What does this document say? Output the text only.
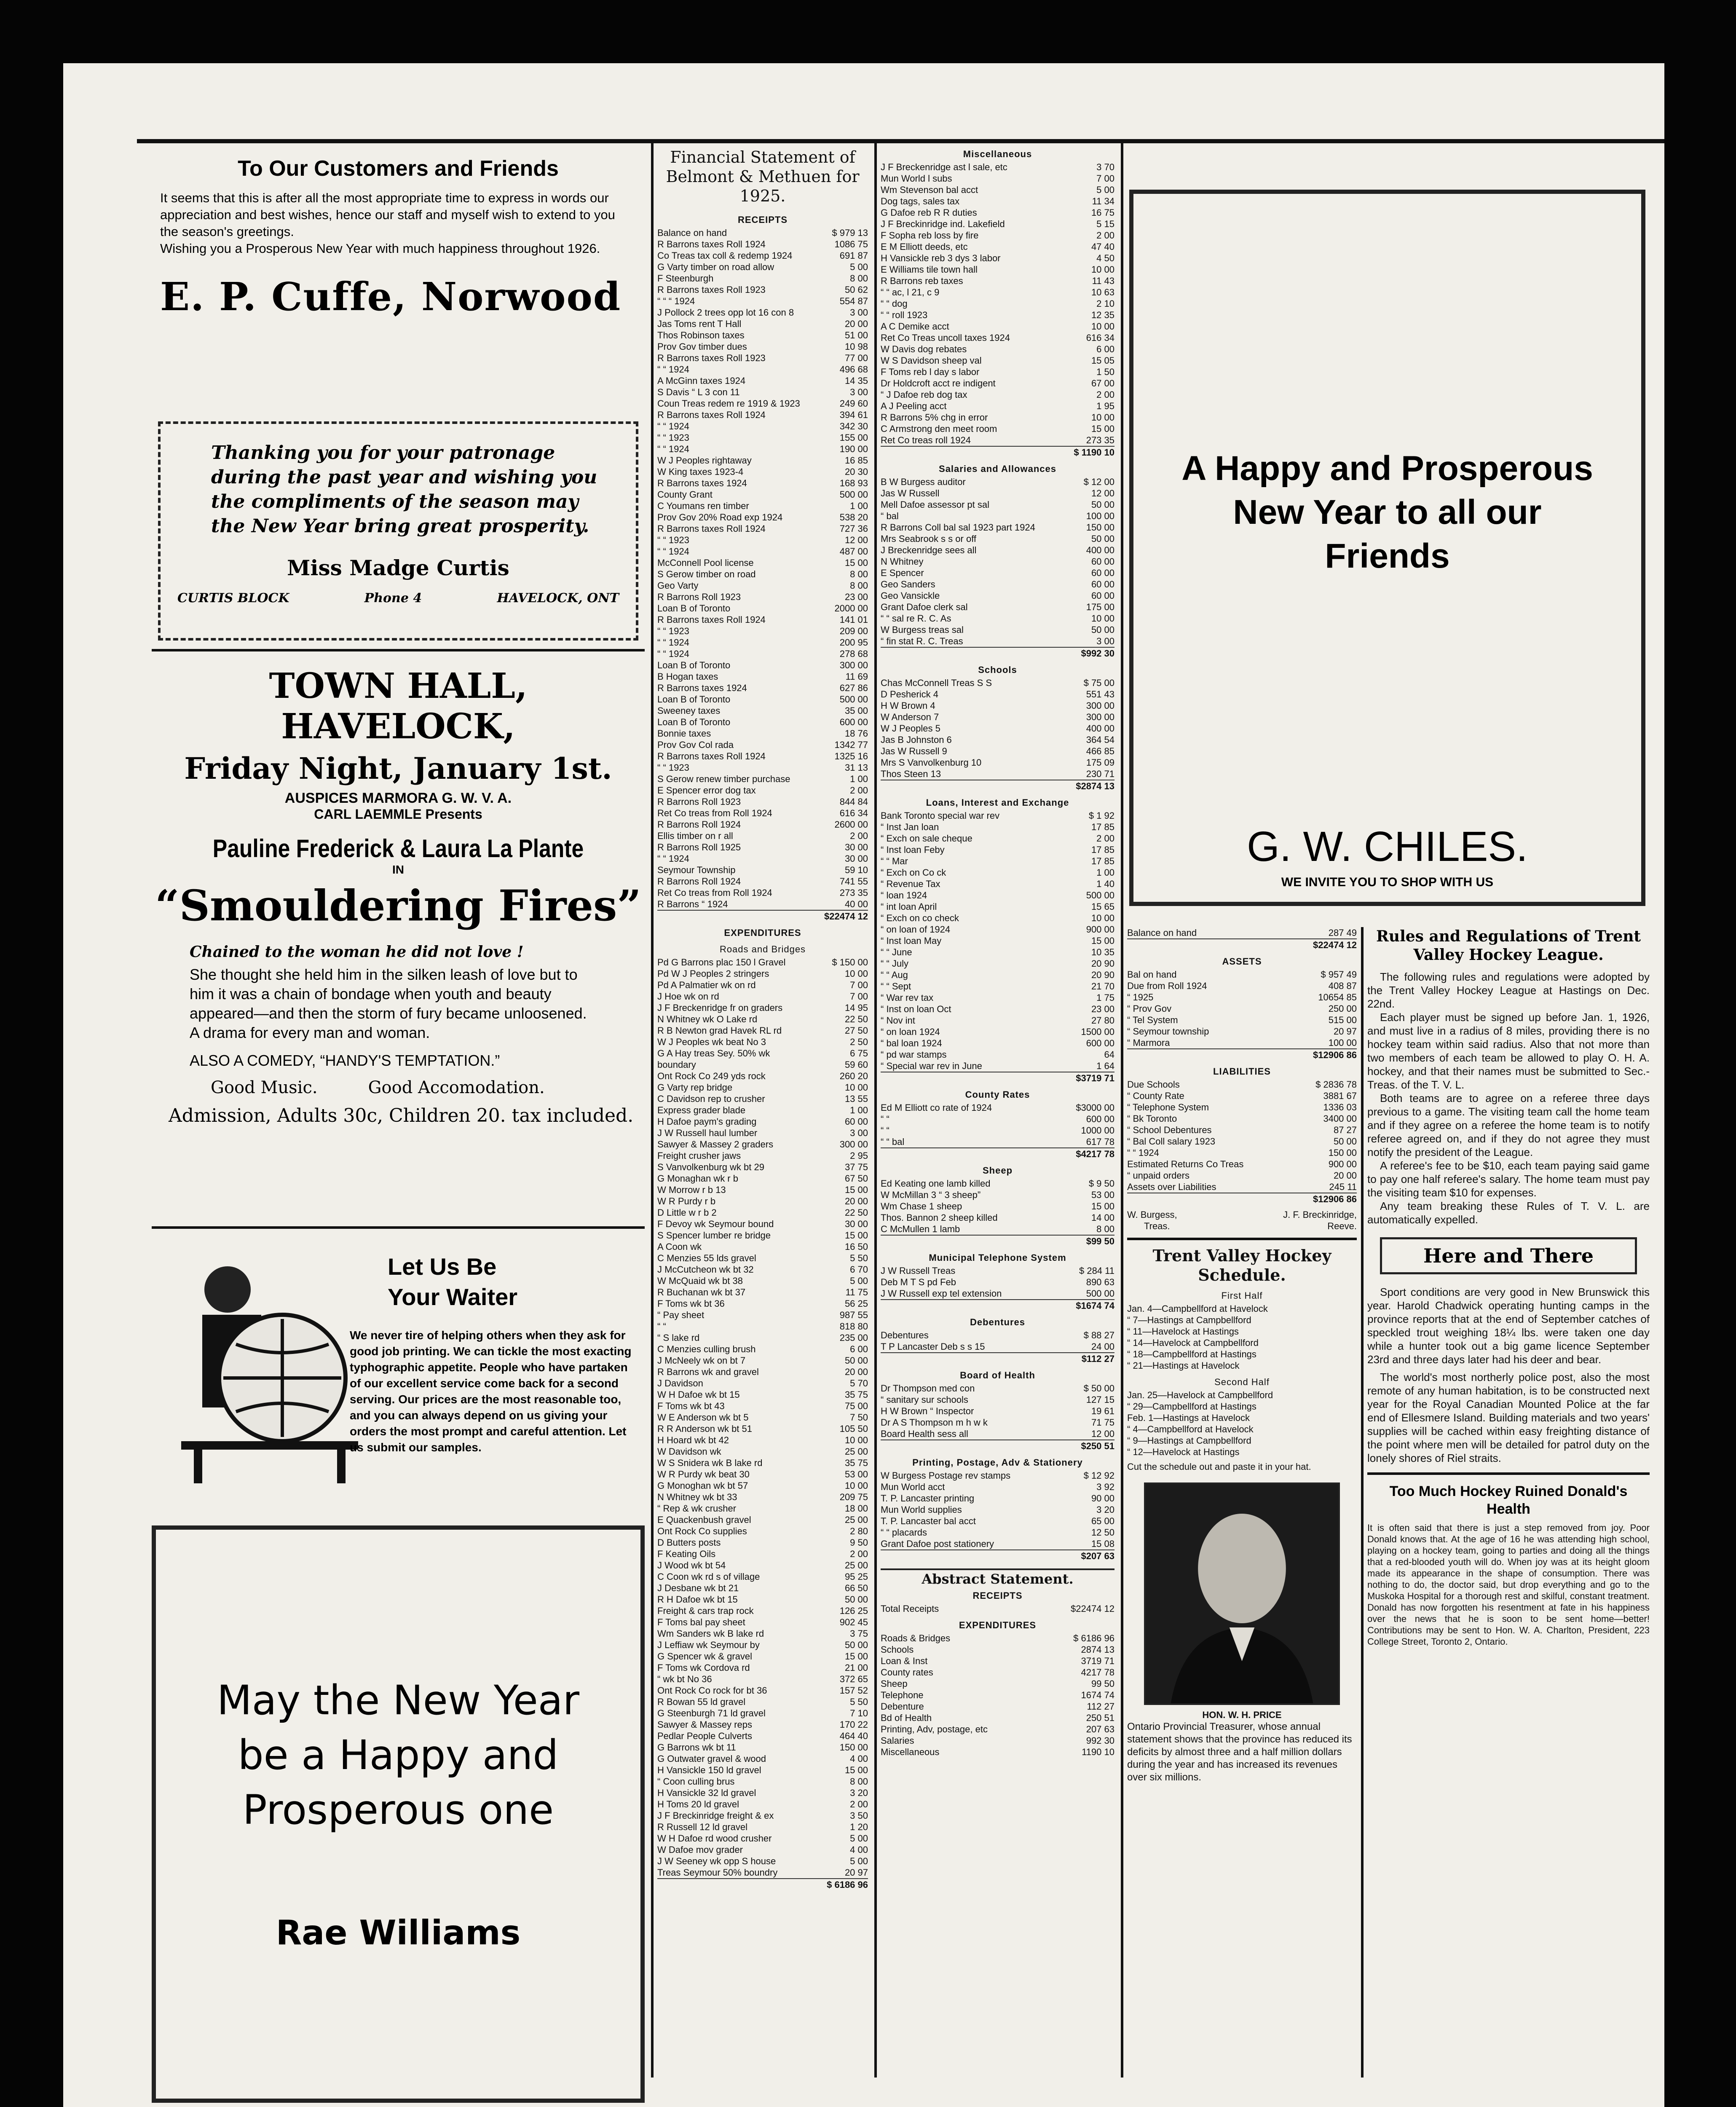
To Our Customers and Friends
It seems that this is after all the most appropriate time to express in words our appreciation and best wishes, hence our staff and myself wish to extend to you the season's greetings.
Wishing you a Prosperous New Year with much happiness throughout 1926.
E. P. Cuffe, Norwood
Thanking you for your patronage during the past year and wishing you the compliments of the season may the New Year bring great prosperity.
Miss Madge Curtis
CURTIS BLOCK	Phone 4	HAVELOCK, ONT
TOWN HALL, HAVELOCK,
Friday Night, January 1st.
AUSPICES MARMORA G. W. V. A.
CARL LAEMMLE Presents
Pauline Frederick & Laura La Plante
IN
“Smouldering Fires”
Chained to the woman he did not love !
She thought she held him in the silken leash of love but to him it was a chain of bondage when youth and beauty appeared—and then the storm of fury became unloosened. A drama for every man and woman.
ALSO A COMEDY, “HANDY'S TEMPTATION.”
Good Music.	Good Accomodation.
Admission, Adults 30c, Children 20. tax included.
Let Us Be
Your Waiter
We never tire of helping others when they ask for good job printing. We can tickle the most exacting typhographic appetite. People who have partaken of our excellent service come back for a second serving. Our prices are the most reasonable too, and you can always depend on us giving your orders the most prompt and careful attention. Let us submit our samples.
May the New Year
be a Happy and
Prosperous one
Rae Williams
Financial Statement of Belmont & Methuen for 1925.
RECEIPTS
Balance on hand	$ 979 13
R Barrons taxes Roll 1924	1086 75
Co Treas tax coll & redemp 1924	691 87
G Varty timber on road allow	5 00
F Steenburgh	8 00
R Barrons taxes Roll 1923	50 62
“ “ “ 1924	554 87
J Pollock 2 trees opp lot 16 con 8	3 00
Jas Toms rent T Hall	20 00
Thos Robinson taxes	51 00
Prov Gov timber dues	10 98
R Barrons taxes Roll 1923	77 00
“ “ 1924	496 68
A McGinn taxes 1924	14 35
S Davis “ L 3 con 11	3 00
Coun Treas redem re 1919 & 1923	249 60
R Barrons taxes Roll 1924	394 61
“ “ 1924	342 30
“ “ 1923	155 00
“ “ 1924	190 00
W J Peoples rightaway	16 85
W King taxes 1923-4	20 30
R Barrons taxes 1924	168 93
County Grant	500 00
C Youmans ren timber	1 00
Prov Gov 20% Road exp 1924	538 20
R Barrons taxes Roll 1924	727 36
“ “ 1923	12 00
“ “ 1924	487 00
McConnell Pool license	15 00
S Gerow timber on road	8 00
Geo Varty	8 00
R Barrons Roll 1923	23 00
Loan B of Toronto	2000 00
R Barrons taxes Roll 1924	141 01
“ “ 1923	209 00
“ “ 1924	200 95
“ “ 1924	278 68
Loan B of Toronto	300 00
B Hogan taxes	11 69
R Barrons taxes 1924	627 86
Loan B of Toronto	500 00
Sweeney taxes	35 00
Loan B of Toronto	600 00
Bonnie taxes	18 76
Prov Gov Col rada	1342 77
R Barrons taxes Roll 1924	1325 16
“ “ 1923	31 13
S Gerow renew timber purchase	1 00
E Spencer error dog tax	2 00
R Barrons Roll 1923	844 84
Ret Co treas from Roll 1924	616 34
R Barrons Roll 1924	2600 00
Ellis timber on r all	2 00
R Barrons Roll 1925	30 00
“ “ 1924	30 00
Seymour Township	59 10
R Barrons Roll 1924	741 55
Ret Co treas from Roll 1924	273 35
R Barrons “ 1924	40 00
$22474 12
EXPENDITURES
Roads and Bridges
Pd G Barrons plac 150 l Gravel	$ 150 00
Pd W J Peoples 2 stringers	10 00
Pd A Palmatier wk on rd	7 00
J Hoe wk on rd	7 00
J F Breckenridge fr on graders	14 95
N Whitney wk O Lake rd	22 50
R B Newton grad Havek RL rd	27 50
W J Peoples wk beat No 3	2 50
G A Hay treas Sey. 50% wk	6 75
boundary	59 60
Ont Rock Co 249 yds rock	260 20
G Varty rep bridge	10 00
C Davidson rep to crusher	13 55
Express grader blade	1 00
H Dafoe paym's grading	60 00
J W Russell haul lumber	3 00
Sawyer & Massey 2 graders	300 00
Freight crusher jaws	2 95
S Vanvolkenburg wk bt 29	37 75
G Monaghan wk r b	67 50
W Morrow r b 13	15 00
W R Purdy r b	20 00
D Little w r b 2	22 50
F Devoy wk Seymour bound	30 00
S Spencer lumber re bridge	15 00
A Coon wk	16 50
C Menzies 55 lds gravel	5 50
J McCutcheon wk bt 32	6 70
W McQuaid wk bt 38	5 00
R Buchanan wk bt 37	11 75
F Toms wk bt 36	56 25
“ Pay sheet	987 55
“ “	818 80
“ S lake rd	235 00
C Menzies culling brush	6 00
J McNeely wk on bt 7	50 00
R Barrons wk and gravel	20 00
J Davidson	5 70
W H Dafoe wk bt 15	35 75
F Toms wk bt 43	75 00
W E Anderson wk bt 5	7 50
R R Anderson wk bt 51	105 50
H Hoard wk bt 42	10 00
W Davidson wk	25 00
W S Snidera wk B lake rd	35 75
W R Purdy wk beat 30	53 00
G Monoghan wk bt 57	10 00
N Whitney wk bt 33	209 75
“ Rep & wk crusher	18 00
E Quackenbush gravel	25 00
Ont Rock Co supplies	2 80
D Butters posts	9 50
F Keating Oils	2 00
J Wood wk bt 54	25 00
C Coon wk rd s of village	95 25
J Desbane wk bt 21	66 50
R H Dafoe wk bt 15	50 00
Freight & cars trap rock	126 25
F Toms bal pay sheet	902 45
Wm Sanders wk B lake rd	3 75
J Leffiaw wk Seymour by	50 00
G Spencer wk & gravel	15 00
F Toms wk Cordova rd	21 00
“ wk bt No 36	372 65
Ont Rock Co rock for bt 36	157 52
R Bowan 55 ld gravel	5 50
G Steenburgh 71 ld gravel	7 10
Sawyer & Massey reps	170 22
Pedlar People Culverts	464 40
G Barrons wk bt 11	150 00
G Outwater gravel & wood	4 00
H Vansickle 150 ld gravel	15 00
“ Coon culling brus	8 00
H Vansickle 32 ld gravel	3 20
H Toms 20 ld gravel	2 00
J F Breckinridge freight & ex	3 50
R Russell 12 ld gravel	1 20
W H Dafoe rd wood crusher	5 00
W Dafoe mov grader	4 00
J W Seeney wk opp S house	5 00
Treas Seymour 50% boundry	20 97
$ 6186 96
Miscellaneous
J F Breckenridge ast l sale, etc	3 70
Mun World l subs	7 00
Wm Stevenson bal acct	5 00
Dog tags, sales tax	11 34
G Dafoe reb R R duties	16 75
J F Breckinridge ind. Lakefield	5 15
F Sopha reb loss by fire	2 00
E M Elliott deeds, etc	47 40
H Vansickle reb 3 dys 3 labor	4 50
E Williams tile town hall	10 00
R Barrons reb taxes	11 43
“ “ ac, l 21, c 9	10 63
“ “ dog	2 10
“ “ roll 1923	12 35
A C Demike acct	10 00
Ret Co Treas uncoll taxes 1924	616 34
W Davis dog rebates	6 00
W S Davidson sheep val	15 05
F Toms reb l day s labor	1 50
Dr Holdcroft acct re indigent	67 00
“ J Dafoe reb dog tax	2 00
A J Peeling acct	1 95
R Barrons 5% chg in error	10 00
C Armstrong den meet room	15 00
Ret Co treas roll 1924	273 35
$ 1190 10
Salaries and Allowances
B W Burgess auditor	$ 12 00
Jas W Russell	12 00
Mell Dafoe assessor pt sal	50 00
“ bal	100 00
R Barrons Coll bal sal 1923 part 1924	150 00
Mrs Seabrook s s or off	50 00
J Breckenridge sees all	400 00
N Whitney	60 00
E Spencer	60 00
Geo Sanders	60 00
Geo Vansickle	60 00
Grant Dafoe clerk sal	175 00
“ “ sal re R. C. As	10 00
W Burgess treas sal	50 00
“ fin stat R. C. Treas	3 00
$992 30
Schools
Chas McConnell Treas S S	$ 75 00
D Pesherick 4	551 43
H W Brown 4	300 00
W Anderson 7	300 00
W J Peoples 5	400 00
Jas B Johnston 6	364 54
Jas W Russell 9	466 85
Mrs S Vanvolkenburg 10	175 09
Thos Steen 13	230 71
$2874 13
Loans, Interest and Exchange
Bank Toronto special war rev	$ 1 92
“ Inst Jan loan	17 85
“ Exch on sale cheque	2 00
“ Inst loan Feby	17 85
“ “ Mar	17 85
“ Exch on Co ck	1 00
“ Revenue Tax	1 40
“ loan 1924	500 00
“ int loan April	15 65
“ Exch on co check	10 00
“ on loan of 1924	900 00
“ Inst loan May	15 00
“ “ June	10 35
“ “ July	20 90
“ “ Aug	20 90
“ “ Sept	21 70
“ War rev tax	1 75
“ Inst on loan Oct	23 00
“ Nov int	27 80
“ on loan 1924	1500 00
“ bal loan 1924	600 00
“ pd war stamps	64
“ Special war rev in June	1 64
$3719 71
County Rates
Ed M Elliott co rate of 1924	$3000 00
“ “	600 00
“ “	1000 00
“ “ bal	617 78
$4217 78
Sheep
Ed Keating one lamb killed	$ 9 50
W McMillan 3 “ 3 sheep”	53 00
Wm Chase 1 sheep	15 00
Thos. Bannon 2 sheep killed	14 00
C McMullen 1 lamb	8 00
$99 50
Municipal Telephone System
J W Russell Treas	$ 284 11
Deb M T S pd Feb	890 63
J W Russell exp tel extension	500 00
$1674 74
Debentures
Debentures	$ 88 27
T P Lancaster Deb s s 15	24 00
$112 27
Board of Health
Dr Thompson med con	$ 50 00
“ sanitary sur schools	127 15
H W Brown “ Inspector	19 61
Dr A S Thompson m h w k	71 75
Board Health sess all	12 00
$250 51
Printing, Postage, Adv & Stationery
W Burgess Postage rev stamps	$ 12 92
Mun World acct	3 92
T. P. Lancaster printing	90 00
Mun World supplies	3 20
T. P. Lancaster bal acct	65 00
“ “ placards	12 50
Grant Dafoe post stationery	15 08
$207 63
Abstract Statement.
RECEIPTS
Total Receipts	$22474 12
EXPENDITURES
Roads & Bridges	$ 6186 96
Schools	2874 13
Loan & Inst	3719 71
County rates	4217 78
Sheep	99 50
Telephone	1674 74
Debenture	112 27
Bd of Health	250 51
Printing, Adv, postage, etc	207 63
Salaries	992 30
Miscellaneous	1190 10
A Happy and Prosperous
New Year to all our
Friends
G. W. CHILES.
WE INVITE YOU TO SHOP WITH US
Balance on hand	287 49
$22474 12
ASSETS
Bal on hand	$ 957 49
Due from Roll 1924	408 87
“ 1925	10654 85
“ Prov Gov	250 00
“ Tel System	515 00
“ Seymour township	20 97
“ Marmora	100 00
$12906 86
LIABILITIES
Due Schools	$ 2836 78
“ County Rate	3881 67
“ Telephone System	1336 03
“ Bk Toronto	3400 00
“ School Debentures	87 27
“ Bal Coll salary 1923	50 00
“ “ 1924	150 00
Estimated Returns Co Treas	900 00
“ unpaid orders	20 00
Assets over Liabilities	245 11
$12906 86
W. Burgess,
Treas.
J. F. Breckinridge,
Reeve.
Trent Valley Hockey Schedule.
First Half
Jan. 4—Campbellford at Havelock
“ 7—Hastings at Campbellford
“ 11—Havelock at Hastings
“ 14—Havelock at Campbellford
“ 18—Campbellford at Hastings
“ 21—Hastings at Havelock
Second Half
Jan. 25—Havelock at Campbellford
“ 29—Campbellford at Hastings
Feb. 1—Hastings at Havelock
“ 4—Campbellford at Havelock
“ 9—Hastings at Campbellford
“ 12—Havelock at Hastings
Cut the schedule out and paste it in your hat.
HON. W. H. PRICE
Ontario Provincial Treasurer, whose annual statement shows that the province has reduced its deficits by almost three and a half million dollars during the year and has increased its revenues over six millions.
Rules and Regulations of Trent Valley Hockey League.
The following rules and regulations were adopted by the Trent Valley Hockey League at Hastings on Dec. 22nd.
Each player must be signed up before Jan. 1, 1926, and must live in a radius of 8 miles, providing there is no hockey team within said radius. Also that not more than two members of each team be allowed to play O. H. A. hockey, and that their names must be submitted to Sec.-Treas. of the T. V. L.
Both teams are to agree on a referee three days previous to a game. The visiting team call the home team and if they agree on a referee the home team is to notify referee agreed on, and if they do not agree they must notify the president of the League.
A referee's fee to be $10, each team paying said game to pay one half referee's salary. The home team must pay the visiting team $10 for expenses.
Any team breaking these Rules of T. V. L. are automatically expelled.
Here and There
Sport conditions are very good in New Brunswick this year. Harold Chadwick operating hunting camps in the province reports that at the end of September catches of speckled trout weighing 18¼ lbs. were taken one day while a hunter took out a big game licence September 23rd and three days later had his deer and bear.
The world's most northerly police post, also the most remote of any human habitation, is to be constructed next year for the Royal Canadian Mounted Police at the far end of Ellesmere Island. Building materials and two years' supplies will be cached within easy freighting distance of the point where men will be detailed for patrol duty on the lonely shores of Riel straits.
Too Much Hockey Ruined Donald's Health
It is often said that there is just a step removed from joy. Poor Donald knows that. At the age of 16 he was attending high school, playing on a hockey team, going to parties and doing all the things that a red-blooded youth will do. When joy was at its height gloom made its appearance in the shape of consumption. There was nothing to do, the doctor said, but drop everything and go to the Muskoka Hospital for a thorough rest and skilful, constant treatment. Donald has now forgotten his resentment at fate in his happiness over the news that he is soon to be sent home—better! Contributions may be sent to Hon. W. A. Charlton, President, 223 College Street, Toronto 2, Ontario.
